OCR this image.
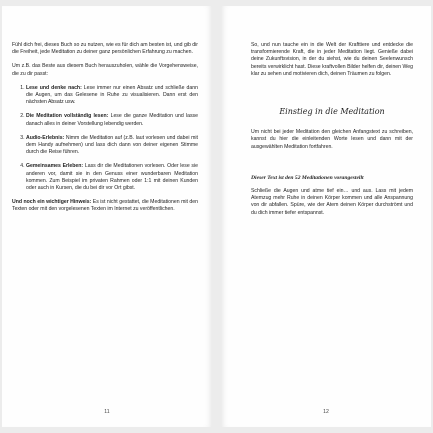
Fühl dich frei, dieses Buch so zu nutzen, wie es für dich am besten ist, und gib dir die Freiheit, jede Meditation zu deiner ganz persönlichen Erfahrung zu machen.

Um z.B. das Beste aus diesem Buch herauszuholen, wähle die Vorgehensweise, die zu dir passt:

1. Lese und denke nach: Lese immer nur einen Absatz und schließe dann die Augen, um das Gelesene in Ruhe zu visualisieren. Dann erst den nächsten Absatz usw.
2. Die Meditation vollständig lesen: Lese die ganze Meditation und lasse danach alles in deiner Vorstellung lebendig werden.
3. Audio-Erlebnis: Nimm die Meditation auf (z.B. laut vorlesen und dabei mit dem Handy aufnehmen) und lass dich dann von deiner eigenen Stimme durch die Reise führen.
4. Gemeinsames Erleben: Lass dir die Meditationen vorlesen. Oder lese sie anderen vor, damit sie in den Genuss einer wunderbaren Meditation kommen. Zum Beispiel im privaten Rahmen oder 1:1 mit deinen Kunden oder auch in Kursen, die du bei dir vor Ort gibst.

Und noch ein wichtiger Hinweis: Es ist nicht gestattet, die Meditationen mit den Texten oder mit den vorgelesenen Texten im Internet zu veröffentlichen.

11

So, und nun tauche ein in die Welt der Krafttiere und entdecke die transformierende Kraft, die in jeder Meditation liegt. Genieße dabei deine Zukunftsvision, in der du siehst, wie du deinen Seelenwunsch bereits verwirklicht hast. Diese kraftvollen Bilder helfen dir, deinen Weg klar zu sehen und motivieren dich, deinen Träumen zu folgen.

Einstieg in die Meditation

Um nicht bei jeder Meditation den gleichen Anfangstext zu schreiben, kannst du hier die einleitenden Worte lesen und dann mit der ausgewählten Meditation fortfahren.

Dieser Text ist den 52 Meditationen vorangestellt

Schließe die Augen und atme tief ein… und aus. Lass mit jedem Atemzug mehr Ruhe in deinen Körper kommen und alle Anspannung von dir abfallen. Spüre, wie der Atem deinen Körper durchströmt und du dich immer tiefer entspannst.

12
